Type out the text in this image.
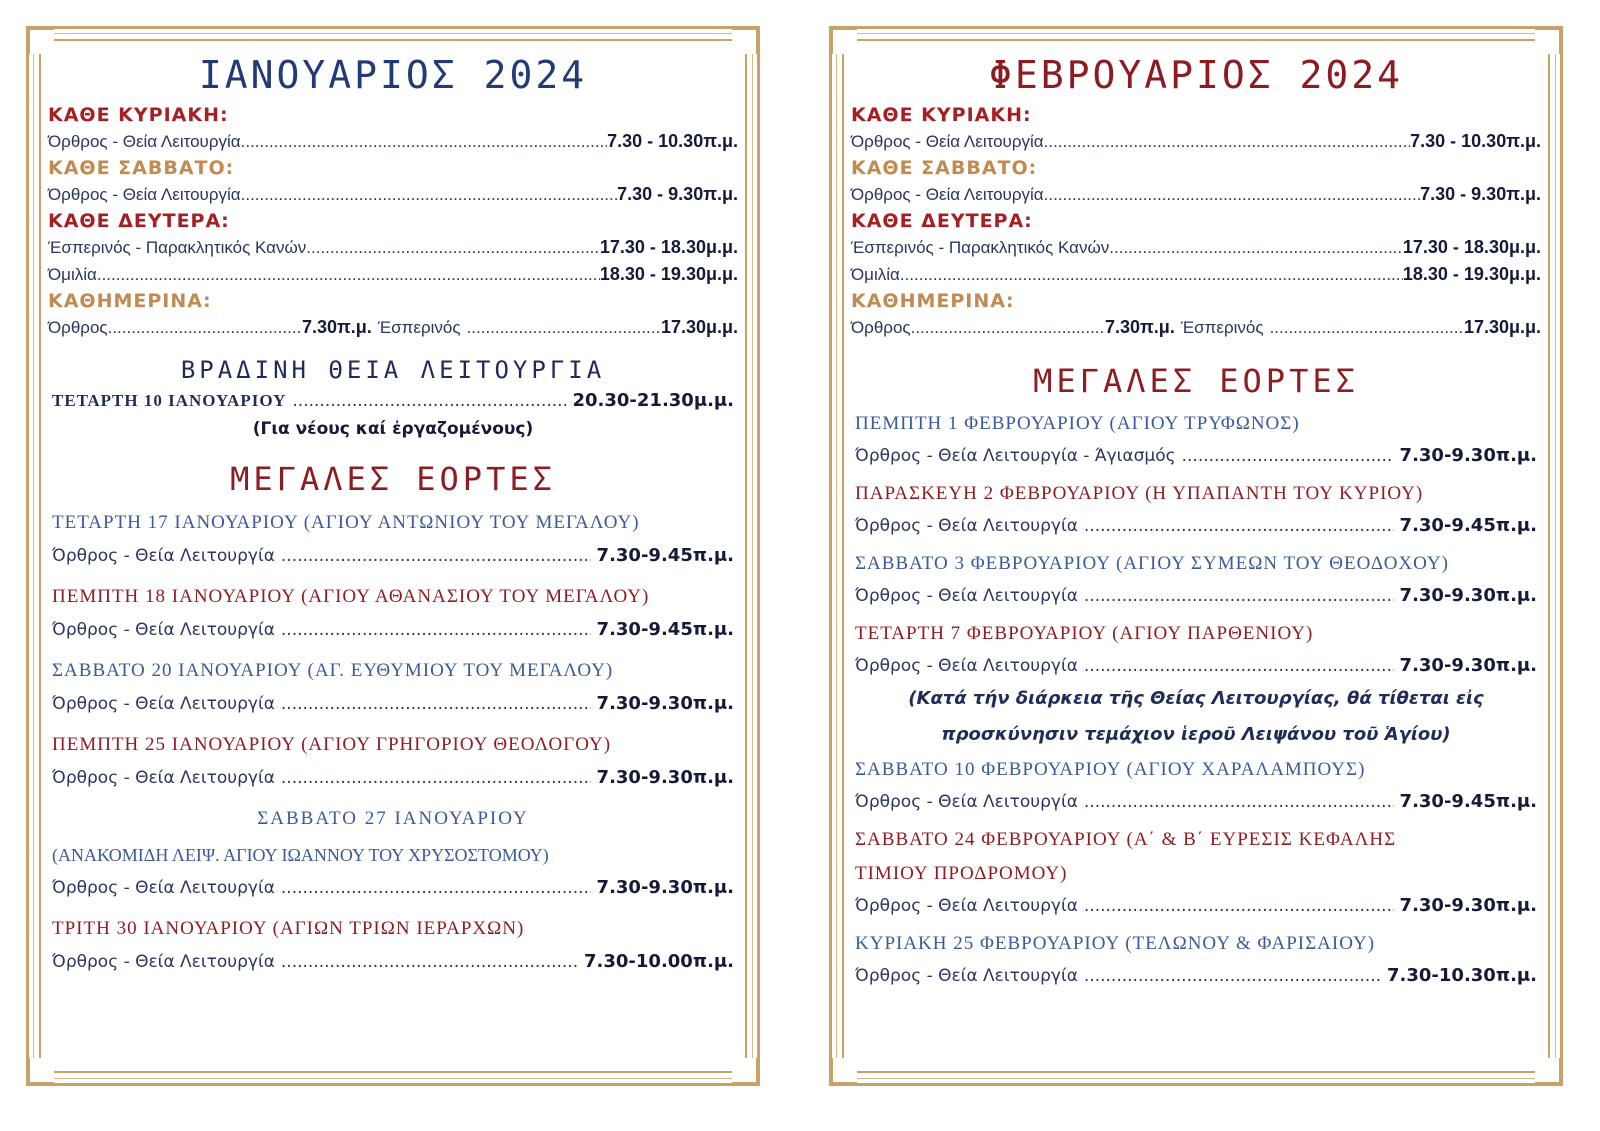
ΙΑΝΟΥΑΡΙΟΣ 2024
ΚΑΘΕ ΚΥΡΙΑΚΗ:
Όρθρος - Θεία Λειτουργία .....	7.30 - 10.30π.μ.
ΚΑΘΕ ΣΑΒΒΑΤΟ:
Όρθρος - Θεία Λειτουργία .....	7.30 - 9.30π.μ.
ΚΑΘΕ ΔΕΥΤΕΡΑ:
Έσπερινός - Παρακλητικός Κανών .....	17.30 - 18.30μ.μ.
Όμιλία .....	18.30 - 19.30μ.μ.
ΚΑΘΗΜΕΡΙΝΑ:
Όρθρος .....	7.30π.μ. Έσπερινός .....	17.30μ.μ.
ΒΡΑΔΙΝΗ ΘΕΙΑ ΛΕΙΤΟΥΡΓΙΑ
ΤΕΤΑΡΤΗ 10 ΙΑΝΟΥΑΡΙΟΥ .....	20.30-21.30μ.μ.
(Για νέους καί ἐργαζομένους)
ΜΕΓΑΛΕΣ ΕΟΡΤΕΣ
ΤΕΤΑΡΤΗ 17 ΙΑΝΟΥΑΡΙΟΥ (ΑΓΙΟΥ ΑΝΤΩΝΙΟΥ ΤΟΥ ΜΕΓΑΛΟΥ)
Όρθρος - Θεία Λειτουργία .....	7.30-9.45π.μ.
ΠΕΜΠΤΗ 18 ΙΑΝΟΥΑΡΙΟΥ (ΑΓΙΟΥ ΑΘΑΝΑΣΙΟΥ ΤΟΥ ΜΕΓΑΛΟΥ)
Όρθρος - Θεία Λειτουργία .....	7.30-9.45π.μ.
ΣΑΒΒΑΤΟ 20 ΙΑΝΟΥΑΡΙΟΥ (ΑΓ. ΕΥΘΥΜΙΟΥ ΤΟΥ ΜΕΓΑΛΟΥ)
Όρθρος - Θεία Λειτουργία .....	7.30-9.30π.μ.
ΠΕΜΠΤΗ 25 ΙΑΝΟΥΑΡΙΟΥ (ΑΓΙΟΥ ΓΡΗΓΟΡΙΟΥ ΘΕΟΛΟΓΟΥ)
Όρθρος - Θεία Λειτουργία .....	7.30-9.30π.μ.
ΣΑΒΒΑΤΟ 27 ΙΑΝΟΥΑΡΙΟΥ
(ΑΝΑΚΟΜΙΔΗ ΛΕΙΨ. ΑΓΙΟΥ ΙΩΑΝΝΟΥ ΤΟΥ ΧΡΥΣΟΣΤΟΜΟΥ)
Όρθρος - Θεία Λειτουργία .....	7.30-9.30π.μ.
ΤΡΙΤΗ 30 ΙΑΝΟΥΑΡΙΟΥ (ΑΓΙΩΝ ΤΡΙΩΝ ΙΕΡΑΡΧΩΝ)
Όρθρος - Θεία Λειτουργία .....	7.30-10.00π.μ.
ΦΕΒΡΟΥΑΡΙΟΣ 2024
ΚΑΘΕ ΚΥΡΙΑΚΗ:
Όρθρος - Θεία Λειτουργία .....	7.30 - 10.30π.μ.
ΚΑΘΕ ΣΑΒΒΑΤΟ:
Όρθρος - Θεία Λειτουργία .....	7.30 - 9.30π.μ.
ΚΑΘΕ ΔΕΥΤΕΡΑ:
Έσπερινός - Παρακλητικός Κανών .....	17.30 - 18.30μ.μ.
Όμιλία .....	18.30 - 19.30μ.μ.
ΚΑΘΗΜΕΡΙΝΑ:
Όρθρος .....	7.30π.μ. Έσπερινός .....	17.30μ.μ.
ΜΕΓΑΛΕΣ ΕΟΡΤΕΣ
ΠΕΜΠΤΗ 1 ΦΕΒΡΟΥΑΡΙΟΥ (ΑΓΙΟΥ ΤΡΥΦΩΝΟΣ)
Όρθρος - Θεία Λειτουργία - Άγιασμός .....	7.30-9.30π.μ.
ΠΑΡΑΣΚΕΥΗ 2 ΦΕΒΡΟΥΑΡΙΟΥ (Η ΥΠΑΠΑΝΤΗ ΤΟΥ ΚΥΡΙΟΥ)
Όρθρος - Θεία Λειτουργία .....	7.30-9.45π.μ.
ΣΑΒΒΑΤΟ 3 ΦΕΒΡΟΥΑΡΙΟΥ (ΑΓΙΟΥ ΣΥΜΕΩΝ ΤΟΥ ΘΕΟΔΟΧΟΥ)
Όρθρος - Θεία Λειτουργία .....	7.30-9.30π.μ.
ΤΕΤΑΡΤΗ 7 ΦΕΒΡΟΥΑΡΙΟΥ (ΑΓΙΟΥ ΠΑΡΘΕΝΙΟΥ)
Όρθρος - Θεία Λειτουργία .....	7.30-9.30π.μ.
(Κατά τήν διάρκεια τῆς Θείας Λειτουργίας, θά τίθεται εἰς
προσκύνησιν τεμάχιον ἱεροῦ Λειψάνου τοῦ Ἁγίου)
ΣΑΒΒΑΤΟ 10 ΦΕΒΡΟΥΑΡΙΟΥ (ΑΓΙΟΥ ΧΑΡΑΛΑΜΠΟΥΣ)
Όρθρος - Θεία Λειτουργία .....	7.30-9.45π.μ.
ΣΑΒΒΑΤΟ 24 ΦΕΒΡΟΥΑΡΙΟΥ (Α΄ & Β΄ ΕΥΡΕΣΙΣ ΚΕΦΑΛΗΣ
ΤΙΜΙΟΥ ΠΡΟΔΡΟΜΟΥ)
Όρθρος - Θεία Λειτουργία .....	7.30-9.30π.μ.
ΚΥΡΙΑΚΗ 25 ΦΕΒΡΟΥΑΡΙΟΥ (ΤΕΛΩΝΟΥ & ΦΑΡΙΣΑΙΟΥ)
Όρθρος - Θεία Λειτουργία .....	7.30-10.30π.μ.
